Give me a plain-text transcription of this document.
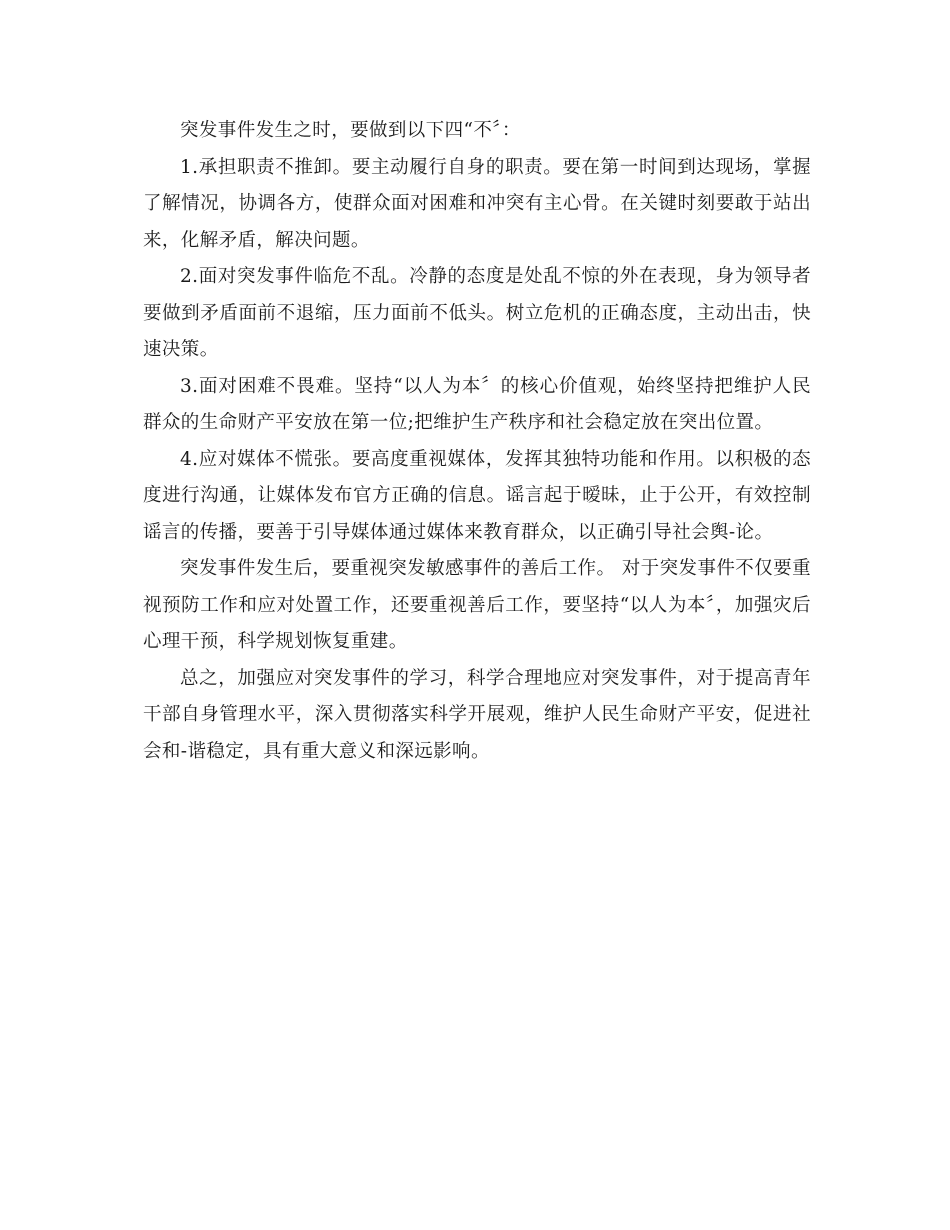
突发事件发生之时，要做到以下四“不〞：

1.承担职责不推卸。要主动履行自身的职责。要在第一时间到达现场，掌握了解情况，协调各方，使群众面对困难和冲突有主心骨。在关键时刻要敢于站出来，化解矛盾，解决问题。

2.面对突发事件临危不乱。冷静的态度是处乱不惊的外在表现，身为领导者要做到矛盾面前不退缩，压力面前不低头。树立危机的正确态度，主动出击，快速决策。

3.面对困难不畏难。坚持“以人为本〞的核心价值观，始终坚持把维护人民群众的生命财产平安放在第一位;把维护生产秩序和社会稳定放在突出位置。

4.应对媒体不慌张。要高度重视媒体，发挥其独特功能和作用。以积极的态度进行沟通，让媒体发布官方正确的信息。谣言起于暧昧，止于公开，有效控制谣言的传播，要善于引导媒体通过媒体来教育群众，以正确引导社会舆-论。

突发事件发生后，要重视突发敏感事件的善后工作。 对于突发事件不仅要重视预防工作和应对处置工作，还要重视善后工作，要坚持“以人为本〞，加强灾后心理干预，科学规划恢复重建。

总之，加强应对突发事件的学习，科学合理地应对突发事件，对于提高青年干部自身管理水平，深入贯彻落实科学开展观，维护人民生命财产平安，促进社会和-谐稳定，具有重大意义和深远影响。
